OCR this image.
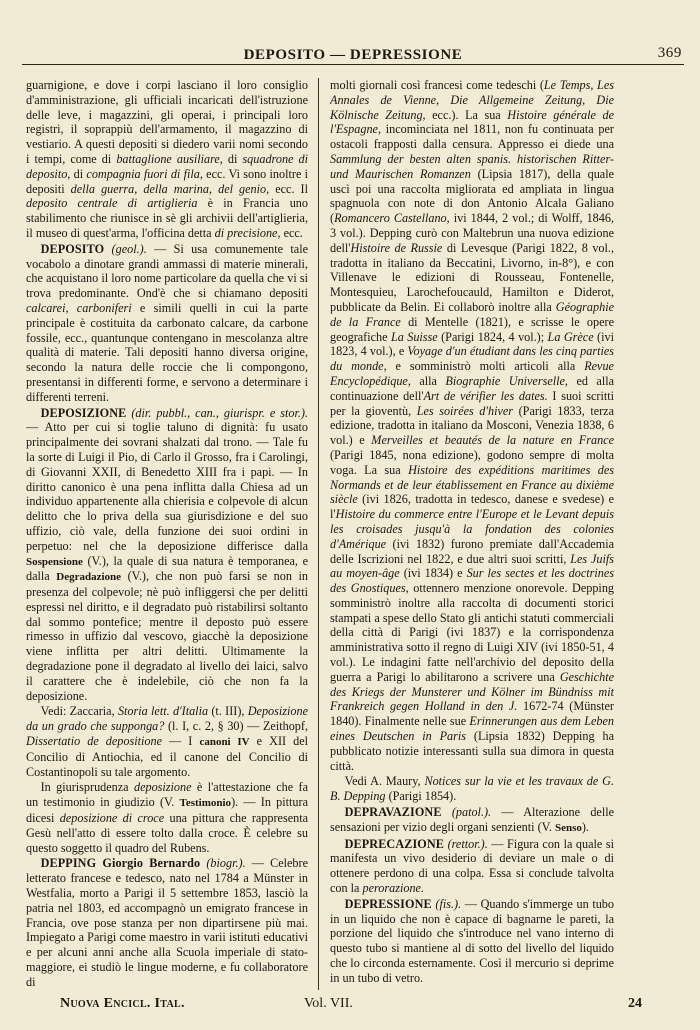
DEPOSITO — DEPRESSIONE	369

guarnigione, e dove i corpi lasciano il loro consiglio d'amministrazione, gli ufficiali incaricati dell'istruzione delle leve, i magazzini, gli operai, i principali loro registri, il soprappiù dell'armamento, il magazzino di vestiario. A questi depositi si diedero varii nomi secondo i tempi, come di battaglione ausiliare, di squadrone di deposito, di compagnia fuori di fila, ecc. Vi sono inoltre i depositi della guerra, della marina, del genio, ecc. Il deposito centrale di artiglieria è in Francia uno stabilimento che riunisce in sè gli archivii dell'artiglieria, il museo di quest'arma, l'officina detta di precisione, ecc.

DEPOSITO (geol.). — Si usa comunemente tale vocabolo a dinotare grandi ammassi di materie minerali, che acquistano il loro nome particolare da quella che vi si trova predominante. Ond'è che si chiamano depositi calcarei, carboniferi e simili quelli in cui la parte principale è costituita da carbonato calcare, da carbone fossile, ecc., quantunque contengano in mescolanza altre qualità di materie. Tali depositi hanno diversa origine, secondo la natura delle roccie che li compongono, presentansi in differenti forme, e servono a determinare i differenti terreni.

DEPOSIZIONE (dir. pubbl., can., giurispr. e stor.). — Atto per cui si toglie taluno di dignità: fu usato principalmente dei sovrani shalzati dal trono. — Tale fu la sorte di Luigi il Pio, di Carlo il Grosso, fra i Carolingi, di Giovanni XXII, di Benedetto XIII fra i papi. — In diritto canonico è una pena inflitta dalla Chiesa ad un individuo appartenente alla chierisia e colpevole di alcun delitto che lo priva della sua giurisdizione e del suo uffizio, ciò vale, della funzione dei suoi ordini in perpetuo: nel che la deposizione differisce dalla Sospensione (V.), la quale di sua natura è temporanea, e dalla Degradazione (V.), che non può farsi se non in presenza del colpevole; nè può infliggersi che per delitti espressi nel diritto, e il degradato può ristabilirsi soltanto dal sommo pontefice; mentre il deposto può essere rimesso in uffizio dal vescovo, giacchè la deposizione viene inflitta per altri delitti. Ultimamente la degradazione pone il degradato al livello dei laici, salvo il carattere che è indelebile, ciò che non fa la deposizione.

Vedi: Zaccaria, Storia lett. d'Italia (t. III), Deposizione da un grado che supponga? (l. I, c. 2, § 30) — Zeithopf, Dissertatio de depositione — I canoni IV e XII del Concilio di Antiochia, ed il canone del Concilio di Costantinopoli su tale argomento.

In giurisprudenza deposizione è l'attestazione che fa un testimonio in giudizio (V. Testimonio). — In pittura dicesi deposizione di croce una pittura che rappresenta Gesù nell'atto di essere tolto dalla croce. È celebre su questo soggetto il quadro del Rubens.

DEPPING Giorgio Bernardo (biogr.). — Celebre letterato francese e tedesco, nato nel 1784 a Münster in Westfalia, morto a Parigi il 5 settembre 1853, lasciò la patria nel 1803, ed accompagnò un emigrato francese in Francia, ove pose stanza per non dipartirsene più mai. Impiegato a Parigi come maestro in varii istituti educativi e per alcuni anni anche alla Scuola imperiale di stato-maggiore, ei studiò le lingue moderne, e fu collaboratore di

molti giornali così francesi come tedeschi (Le Temps, Les Annales de Vienne, Die Allgemeine Zeitung, Die Kölnische Zeitung, ecc.). La sua Histoire générale de l'Espagne, incominciata nel 1811, non fu continuata per ostacoli frapposti dalla censura. Appresso ei diede una Sammlung der besten alten spanis. historischen Ritter- und Maurischen Romanzen (Lipsia 1817), della quale uscì poi una raccolta migliorata ed ampliata in lingua spagnuola con note di don Antonio Alcala Galiano (Romancero Castellano, ivi 1844, 2 vol.; di Wolff, 1846, 3 vol.). Depping curò con Maltebrun una nuova edizione dell'Histoire de Russie di Levesque (Parigi 1822, 8 vol., tradotta in italiano da Beccatini, Livorno, in-8°), e con Villenave le edizioni di Rousseau, Fontenelle, Montesquieu, Larochefoucauld, Hamilton e Diderot, pubblicate da Belin. Ei collaborò inoltre alla Géographie de la France di Mentelle (1821), e scrisse le opere geografiche La Suisse (Parigi 1824, 4 vol.); La Grèce (ivi 1823, 4 vol.), e Voyage d'un étudiant dans les cinq parties du monde, e somministrò molti articoli alla Revue Encyclopédique, alla Biographie Universelle, ed alla continuazione dell'Art de vérifier les dates. I suoi scritti per la gioventù, Les soirées d'hiver (Parigi 1833, terza edizione, tradotta in italiano da Mosconi, Venezia 1838, 6 vol.) e Merveilles et beautés de la nature en France (Parigi 1845, nona edizione), godono sempre di molta voga. La sua Histoire des expéditions maritimes des Normands et de leur établissement en France au dixième siècle (ivi 1826, tradotta in tedesco, danese e svedese) e l'Histoire du commerce entre l'Europe et le Levant depuis les croisades jusqu'à la fondation des colonies d'Amérique (ivi 1832) furono premiate dall'Accademia delle Iscrizioni nel 1822, e due altri suoi scritti, Les Juifs au moyen-âge (ivi 1834) e Sur les sectes et les doctrines des Gnostiques, ottennero menzione onorevole. Depping somministrò inoltre alla raccolta di documenti storici stampati a spese dello Stato gli antichi statuti commerciali della città di Parigi (ivi 1837) e la corrispondenza amministrativa sotto il regno di Luigi XIV (ivi 1850-51, 4 vol.). Le indagini fatte nell'archivio del deposito della guerra a Parigi lo abilitarono a scrivere una Geschichte des Kriegs der Munsterer und Kölner im Bündniss mit Frankreich gegen Holland in den J. 1672-74 (Münster 1840). Finalmente nelle sue Erinnerungen aus dem Leben eines Deutschen in Paris (Lipsia 1832) Depping ha pubblicato notizie interessanti sulla sua dimora in questa città.

Vedi A. Maury, Notices sur la vie et les travaux de G. B. Depping (Parigi 1854).

DEPRAVAZIONE (patol.). — Alterazione delle sensazioni per vizio degli organi senzienti (V. Senso).

DEPRECAZIONE (rettor.). — Figura con la quale si manifesta un vivo desiderio di deviare un male o di ottenere perdono di una colpa. Essa si conclude talvolta con la perorazione.

DEPRESSIONE (fis.). — Quando s'immerge un tubo in un liquido che non è capace di bagnarne le pareti, la porzione del liquido che s'introduce nel vano interno di questo tubo si mantiene al di sotto del livello del liquido che lo circonda esternamente. Così il mercurio si deprime in un tubo di vetro.

Nuova Encicl. Ital.	Vol. VII.	24
